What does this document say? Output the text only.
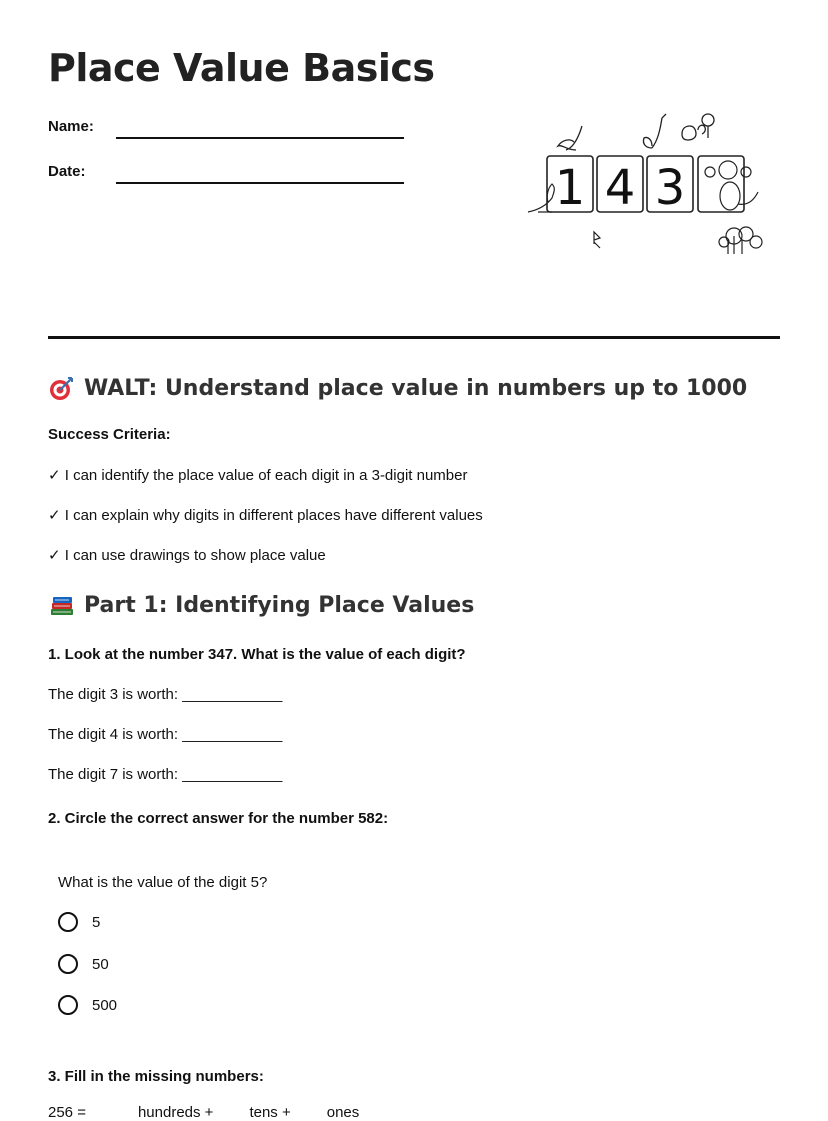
Place Value Basics
Name:
Date:	1 4 3
WALT: Understand place value in numbers up to 1000
Success Criteria:
✓ I can identify the place value of each digit in a 3-digit number
✓ I can explain why digits in different places have different values
✓ I can use drawings to show place value
Part 1: Identifying Place Values
1. Look at the number 347. What is the value of each digit?
The digit 3 is worth: ____________
The digit 4 is worth: ____________
The digit 7 is worth: ____________
2. Circle the correct answer for the number 582:
What is the value of the digit 5?
5
50
500
3. Fill in the missing numbers:
256 =	hundreds + tens + ones
